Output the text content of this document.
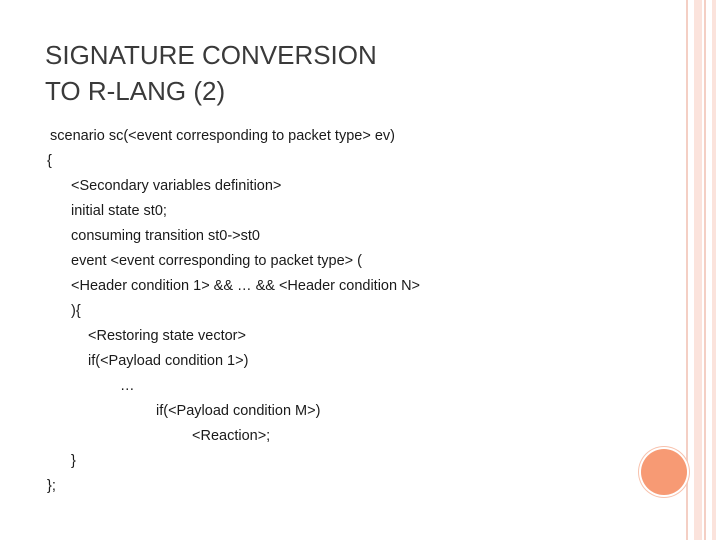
SIGNATURE CONVERSION
TO R-LANG (2)
scenario sc(<event corresponding to packet type> ev)
{
<Secondary variables definition>
initial state st0;
consuming transition st0->st0
event <event corresponding to packet type> (
<Header condition 1> && … && <Header condition N>
){
<Restoring state vector>
if(<Payload condition 1>)
…
if(<Payload condition M>)
<Reaction>;
}
};
